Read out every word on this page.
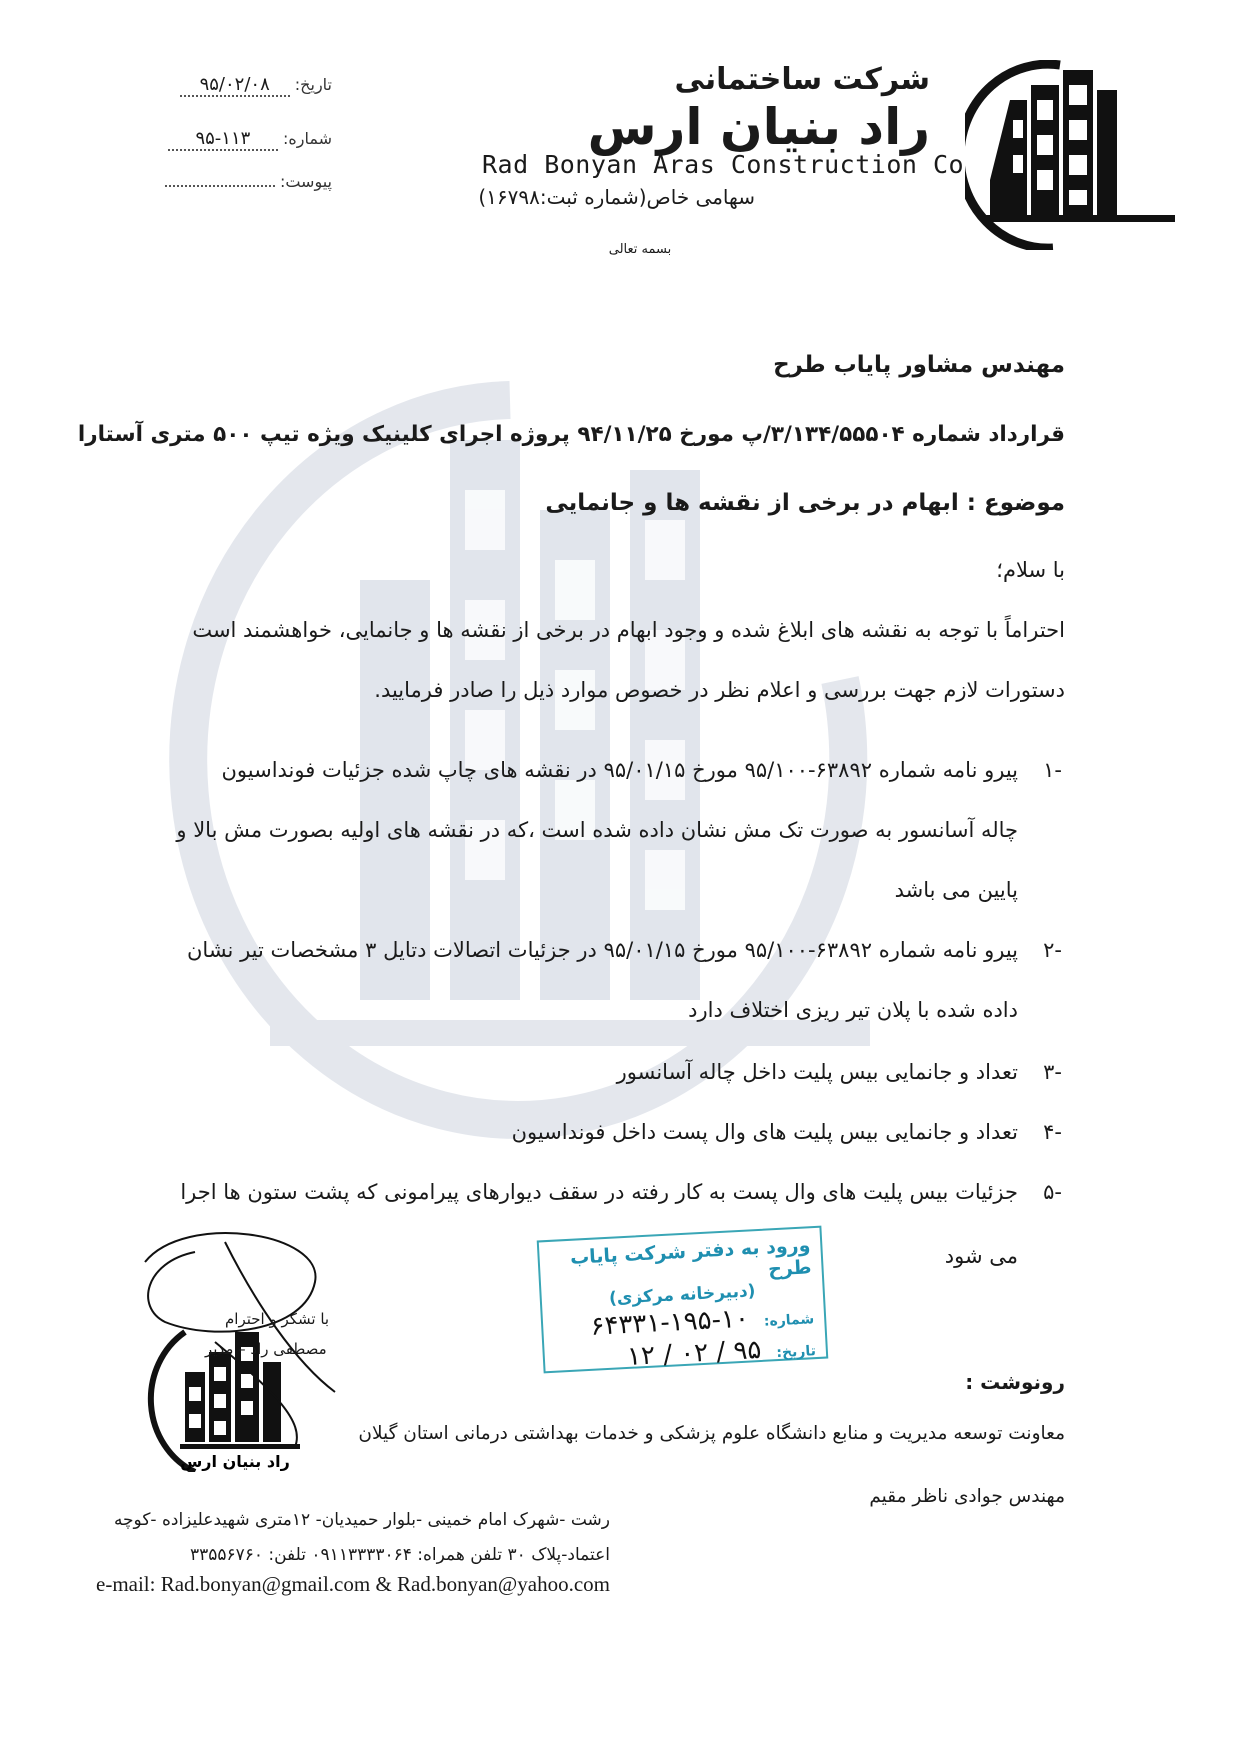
شرکت ساختمانی
راد بنیان ارس
Rad Bonyan Aras Construction Co
سهامی خاص(شماره ثبت:۱۶۷۹۸)
بسمه تعالی
تاریخ: ۹۵/۰۲/۰۸
شماره: ۹۵-۱۱۳
پیوست:
مهندس مشاور پایاب طرح
قرارداد شماره ۳/۱۳۴/۵۵۵۰۴/پ مورخ ۹۴/۱۱/۲۵ پروژه اجرای کلینیک ویژه تیپ ۵۰۰ متری آستارا
موضوع : ابهام در برخی از نقشه ها و جانمایی
با سلام؛
احتراماً با توجه به نقشه های ابلاغ شده و وجود ابهام در برخی از نقشه ها و جانمایی، خواهشمند است
دستورات لازم جهت بررسی و اعلام نظر در خصوص موارد ذیل را صادر فرمایید.
۱-
پیرو نامه شماره ۶۳۸۹۲-۹۵/۱۰۰ مورخ ۹۵/۰۱/۱۵ در نقشه های چاپ شده جزئیات فونداسیون
چاله آسانسور به صورت تک مش نشان داده شده است ،که در نقشه های اولیه بصورت مش بالا و
پایین می باشد
۲-
پیرو نامه شماره ۶۳۸۹۲-۹۵/۱۰۰ مورخ ۹۵/۰۱/۱۵ در جزئیات اتصالات دتایل ۳ مشخصات تیر نشان
داده شده با پلان تیر ریزی اختلاف دارد
۳-
تعداد و جانمایی بیس پلیت داخل چاله آسانسور
۴-
تعداد و جانمایی بیس پلیت های وال پست داخل فونداسیون
۵-
جزئیات بیس پلیت های وال پست به کار رفته در سقف دیوارهای پیرامونی که پشت ستون ها اجرا
می شود
ورود به دفتر شرکت پایاب طرح
(دبیرخانه مرکزی)
شماره: ۱۰-۱۹۵-۶۴۳۳۱
تاریخ: ۹۵ / ۰۲ / ۱۲
راد بنیان ارس
با تشکر و احترام
مصطفی راد – مدیر
رونوشت :
معاونت توسعه مدیریت و منابع دانشگاه علوم پزشکی و خدمات بهداشتی درمانی استان گیلان
مهندس جوادی ناظر مقیم
رشت -شهرک امام خمینی -بلوار حمیدیان- ۱۲متری شهیدعلیزاده -کوچه
اعتماد-پلاک ۳۰ تلفن همراه: ۰۹۱۱۳۳۳۳۰۶۴ تلفن: ۳۳۵۵۶۷۶۰
e-mail: Rad.bonyan@gmail.com & Rad.bonyan@yahoo.com
